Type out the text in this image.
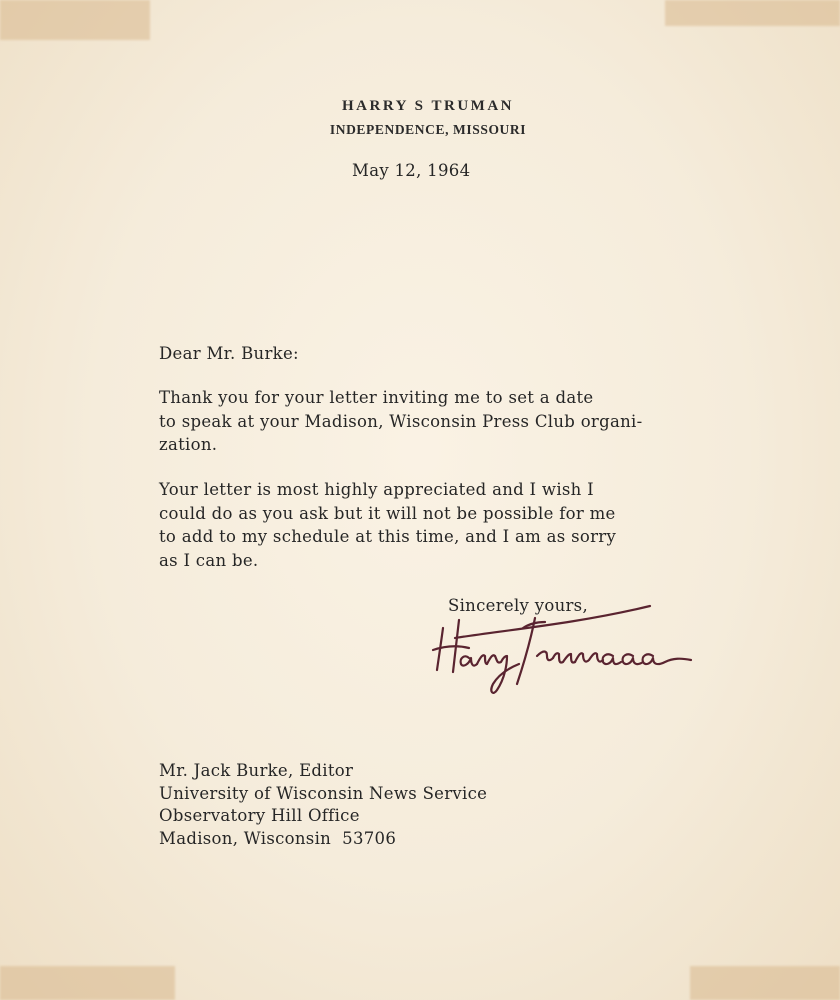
HARRY S TRUMAN
INDEPENDENCE, MISSOURI
May 12, 1964
Dear Mr. Burke:
Thank you for your letter inviting me to set a date
to speak at your Madison, Wisconsin Press Club organi-
zation.
Your letter is most highly appreciated and I wish I
could do as you ask but it will not be possible for me
to add to my schedule at this time, and I am as sorry
as I can be.
Sincerely yours,
Mr. Jack Burke, Editor
University of Wisconsin News Service
Observatory Hill Office
Madison, Wisconsin  53706
